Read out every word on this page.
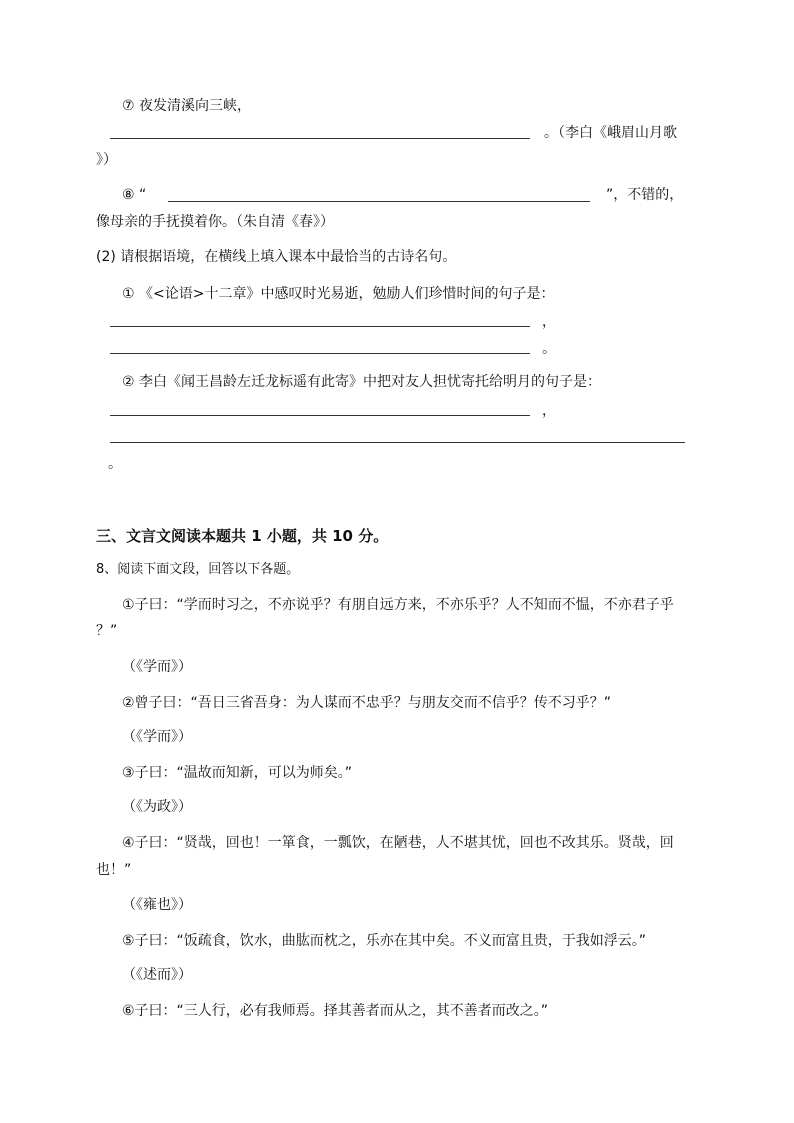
⑦ 夜发清溪向三峡，
。（李白《峨眉山月歌
》）
⑧ “	”，不错的，
像母亲的手抚摸着你。（朱自清《春》）
(2) 请根据语境，在横线上填入课本中最恰当的古诗名句。
① 《<论语>十二章》中感叹时光易逝，勉励人们珍惜时间的句子是：
，
。
② 李白《闻王昌龄左迁龙标遥有此寄》中把对友人担忧寄托给明月的句子是：
，
。
三、文言文阅读本题共 1 小题，共 10 分。
8、阅读下面文段，回答以下各题。
①子曰：“学而时习之，不亦说乎？有朋自远方来，不亦乐乎？人不知而不愠，不亦君子乎
？”
（《学而》）
②曾子曰：“吾日三省吾身：为人谋而不忠乎？与朋友交而不信乎？传不习乎？”
（《学而》）
③子曰：“温故而知新，可以为师矣。”
（《为政》）
④子曰：“贤哉，回也！一箪食，一瓢饮，在陋巷，人不堪其忧，回也不改其乐。贤哉，回
也！”
（《雍也》）
⑤子曰：“饭疏食，饮水，曲肱而枕之，乐亦在其中矣。不义而富且贵，于我如浮云。”
（《述而》）
⑥子曰：“三人行，必有我师焉。择其善者而从之，其不善者而改之。”
